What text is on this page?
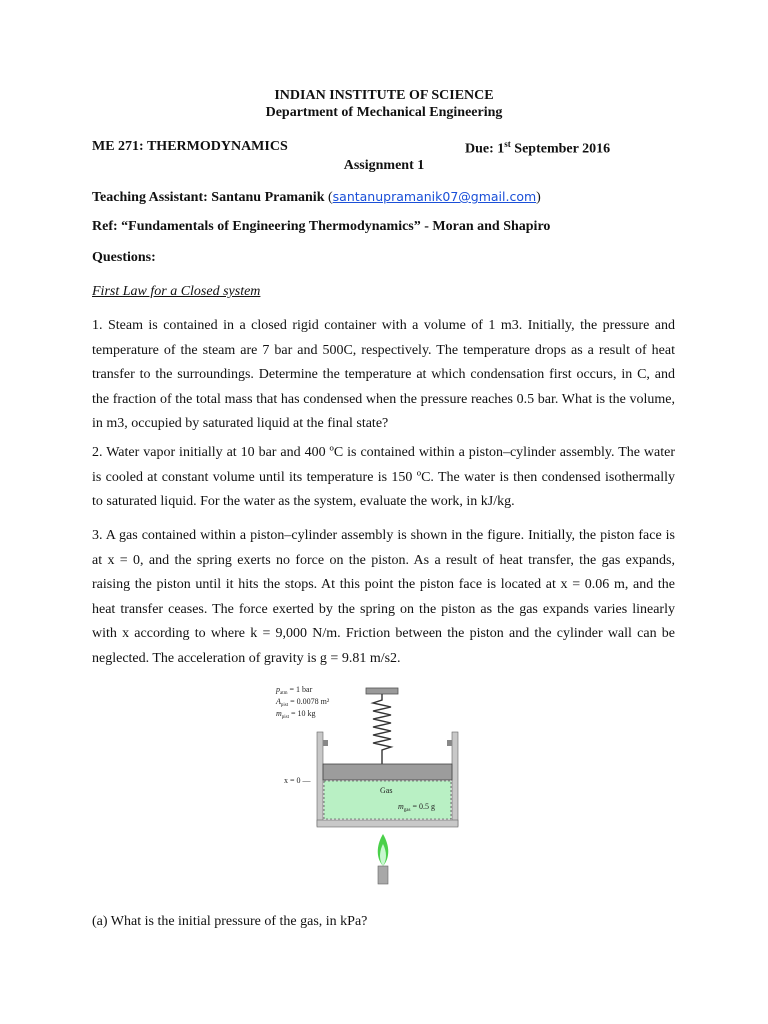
INDIAN INSTITUTE OF SCIENCE
Department of Mechanical Engineering
ME 271: THERMODYNAMICS	Due: 1st September 2016
Assignment 1
Teaching Assistant: Santanu Pramanik (santanupramanik07@gmail.com)
Ref: “Fundamentals of Engineering Thermodynamics” - Moran and Shapiro
Questions:
First Law for a Closed system

1. Steam is contained in a closed rigid container with a volume of 1 m3. Initially, the pressure and temperature of the steam are 7 bar and 500C, respectively. The temperature drops as a result of heat transfer to the surroundings. Determine the temperature at which condensation first occurs, in C, and the fraction of the total mass that has condensed when the pressure reaches 0.5 bar. What is the volume, in m3, occupied by saturated liquid at the final state?

2. Water vapor initially at 10 bar and 400 ºC is contained within a piston–cylinder assembly. The water is cooled at constant volume until its temperature is 150 ºC. The water is then condensed isothermally to saturated liquid. For the water as the system, evaluate the work, in kJ/kg.

3. A gas contained within a piston–cylinder assembly is shown in the figure. Initially, the piston face is at x = 0, and the spring exerts no force on the piston. As a result of heat transfer, the gas expands, raising the piston until it hits the stops. At this point the piston face is located at x = 0.06 m, and the heat transfer ceases. The force exerted by the spring on the piston as the gas expands varies linearly with x according to where k = 9,000 N/m. Friction between the piston and the cylinder wall can be neglected. The acceleration of gravity is g = 9.81 m/s2.

$p_{atm} = 1$ bar
$A_{pist} = 0.0078$ m²
$m_{pist} = 10$ kg
Gas
$m_{gas} = 0.5$ g
x = 0 —
(a) What is the initial pressure of the gas, in kPa?
